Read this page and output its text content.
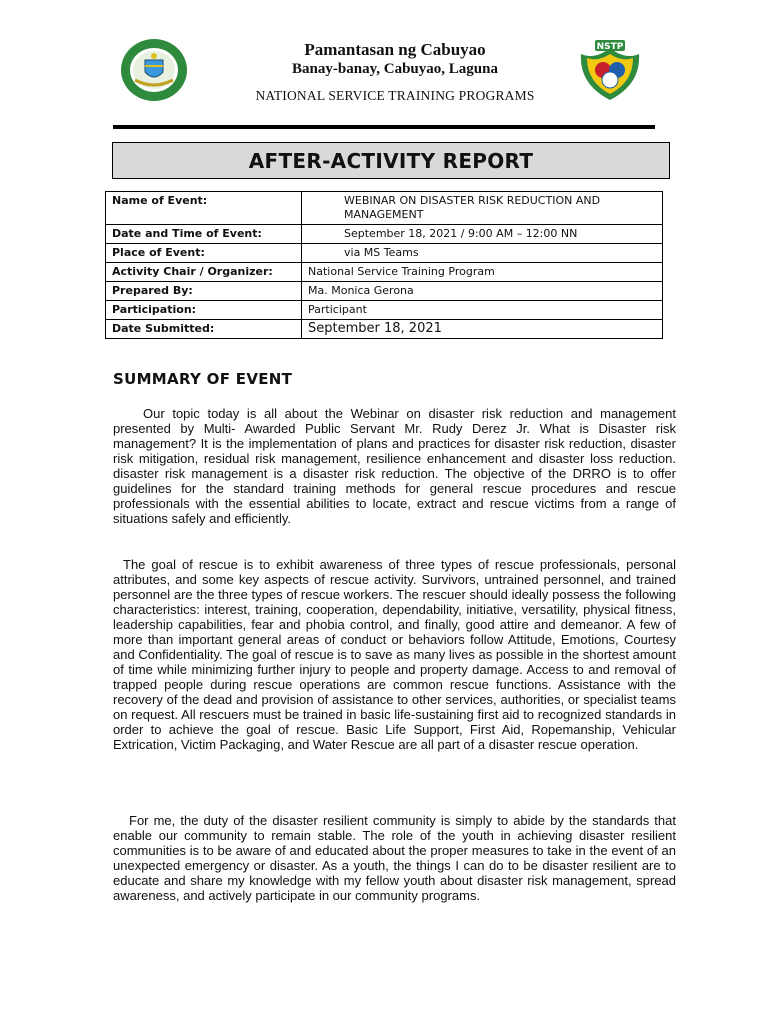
Pamantasan ng Cabuyao
Banay-banay, Cabuyao, Laguna
NATIONAL SERVICE TRAINING PROGRAMS
NSTP
AFTER-ACTIVITY REPORT
Name of Event:	WEBINAR ON DISASTER RISK REDUCTION AND MANAGEMENT
Date and Time of Event:	September 18, 2021 / 9:00 AM – 12:00 NN
Place of Event:	via MS Teams
Activity Chair / Organizer:	National Service Training Program
Prepared By:	Ma. Monica Gerona
Participation:	Participant
Date Submitted:	September 18, 2021
SUMMARY OF EVENT

Our topic today is all about the Webinar on disaster risk reduction and management presented by Multi- Awarded Public Servant Mr. Rudy Derez Jr. What is Disaster risk management? It is the implementation of plans and practices for disaster risk reduction, disaster risk mitigation, residual risk management, resilience enhancement and disaster loss reduction. disaster risk management is a disaster risk reduction. The objective of the DRRO is to offer guidelines for the standard training methods for general rescue procedures and rescue professionals with the essential abilities to locate, extract and rescue victims from a range of situations safely and efficiently.

The goal of rescue is to exhibit awareness of three types of rescue professionals, personal attributes, and some key aspects of rescue activity. Survivors, untrained personnel, and trained personnel are the three types of rescue workers. The rescuer should ideally possess the following characteristics: interest, training, cooperation, dependability, initiative, versatility, physical fitness, leadership capabilities, fear and phobia control, and finally, good attire and demeanor. A few of more than important general areas of conduct or behaviors follow Attitude, Emotions, Courtesy and Confidentiality. The goal of rescue is to save as many lives as possible in the shortest amount of time while minimizing further injury to people and property damage. Access to and removal of trapped people during rescue operations are common rescue functions. Assistance with the recovery of the dead and provision of assistance to other services, authorities, or specialist teams on request. All rescuers must be trained in basic life-sustaining first aid to recognized standards in order to achieve the goal of rescue. Basic Life Support, First Aid, Ropemanship, Vehicular Extrication, Victim Packaging, and Water Rescue are all part of a disaster rescue operation.

For me, the duty of the disaster resilient community is simply to abide by the standards that enable our community to remain stable. The role of the youth in achieving disaster resilient communities is to be aware of and educated about the proper measures to take in the event of an unexpected emergency or disaster. As a youth, the things I can do to be disaster resilient are to educate and share my knowledge with my fellow youth about disaster risk management, spread awareness, and actively participate in our community programs.
